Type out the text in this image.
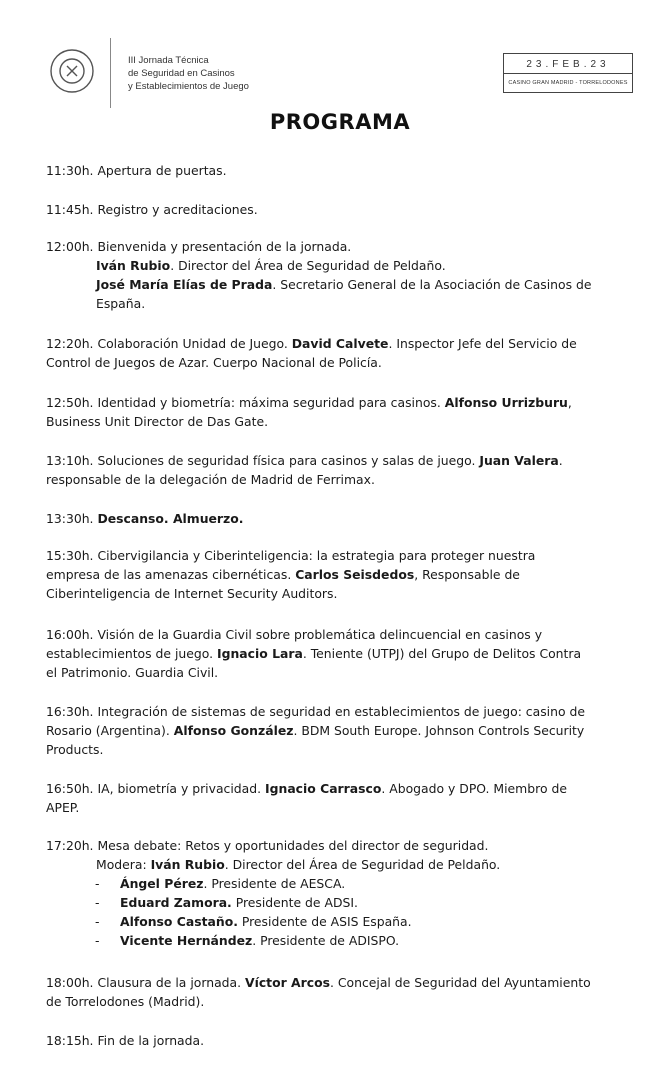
III Jornada Técnica
de Seguridad en Casinos
y Establecimientos de Juego
23.FEB.23
CASINO GRAN MADRID - TORRELODONES
PROGRAMA
11:30h. Apertura de puertas.
11:45h. Registro y acreditaciones.
12:00h. Bienvenida y presentación de la jornada.
Iván Rubio. Director del Área de Seguridad de Peldaño.
José María Elías de Prada. Secretario General de la Asociación de Casinos de
España.
12:20h. Colaboración Unidad de Juego. David Calvete. Inspector Jefe del Servicio de
Control de Juegos de Azar. Cuerpo Nacional de Policía.
12:50h. Identidad y biometría: máxima seguridad para casinos. Alfonso Urrizburu,
Business Unit Director de Das Gate.
13:10h. Soluciones de seguridad física para casinos y salas de juego. Juan Valera.
responsable de la delegación de Madrid de Ferrimax.
13:30h. Descanso. Almuerzo.
15:30h. Cibervigilancia y Ciberinteligencia: la estrategia para proteger nuestra
empresa de las amenazas cibernéticas. Carlos Seisdedos, Responsable de
Ciberinteligencia de Internet Security Auditors.
16:00h. Visión de la Guardia Civil sobre problemática delincuencial en casinos y
establecimientos de juego. Ignacio Lara. Teniente (UTPJ) del Grupo de Delitos Contra
el Patrimonio. Guardia Civil.
16:30h. Integración de sistemas de seguridad en establecimientos de juego: casino de
Rosario (Argentina). Alfonso González. BDM South Europe. Johnson Controls Security
Products.
16:50h. IA, biometría y privacidad. Ignacio Carrasco. Abogado y DPO. Miembro de
APEP.
17:20h. Mesa debate: Retos y oportunidades del director de seguridad.
Modera: Iván Rubio. Director del Área de Seguridad de Peldaño.
- Ángel Pérez. Presidente de AESCA.
- Eduard Zamora. Presidente de ADSI.
- Alfonso Castaño. Presidente de ASIS España.
- Vicente Hernández. Presidente de ADISPO.
18:00h. Clausura de la jornada. Víctor Arcos. Concejal de Seguridad del Ayuntamiento
de Torrelodones (Madrid).
18:15h. Fin de la jornada.
